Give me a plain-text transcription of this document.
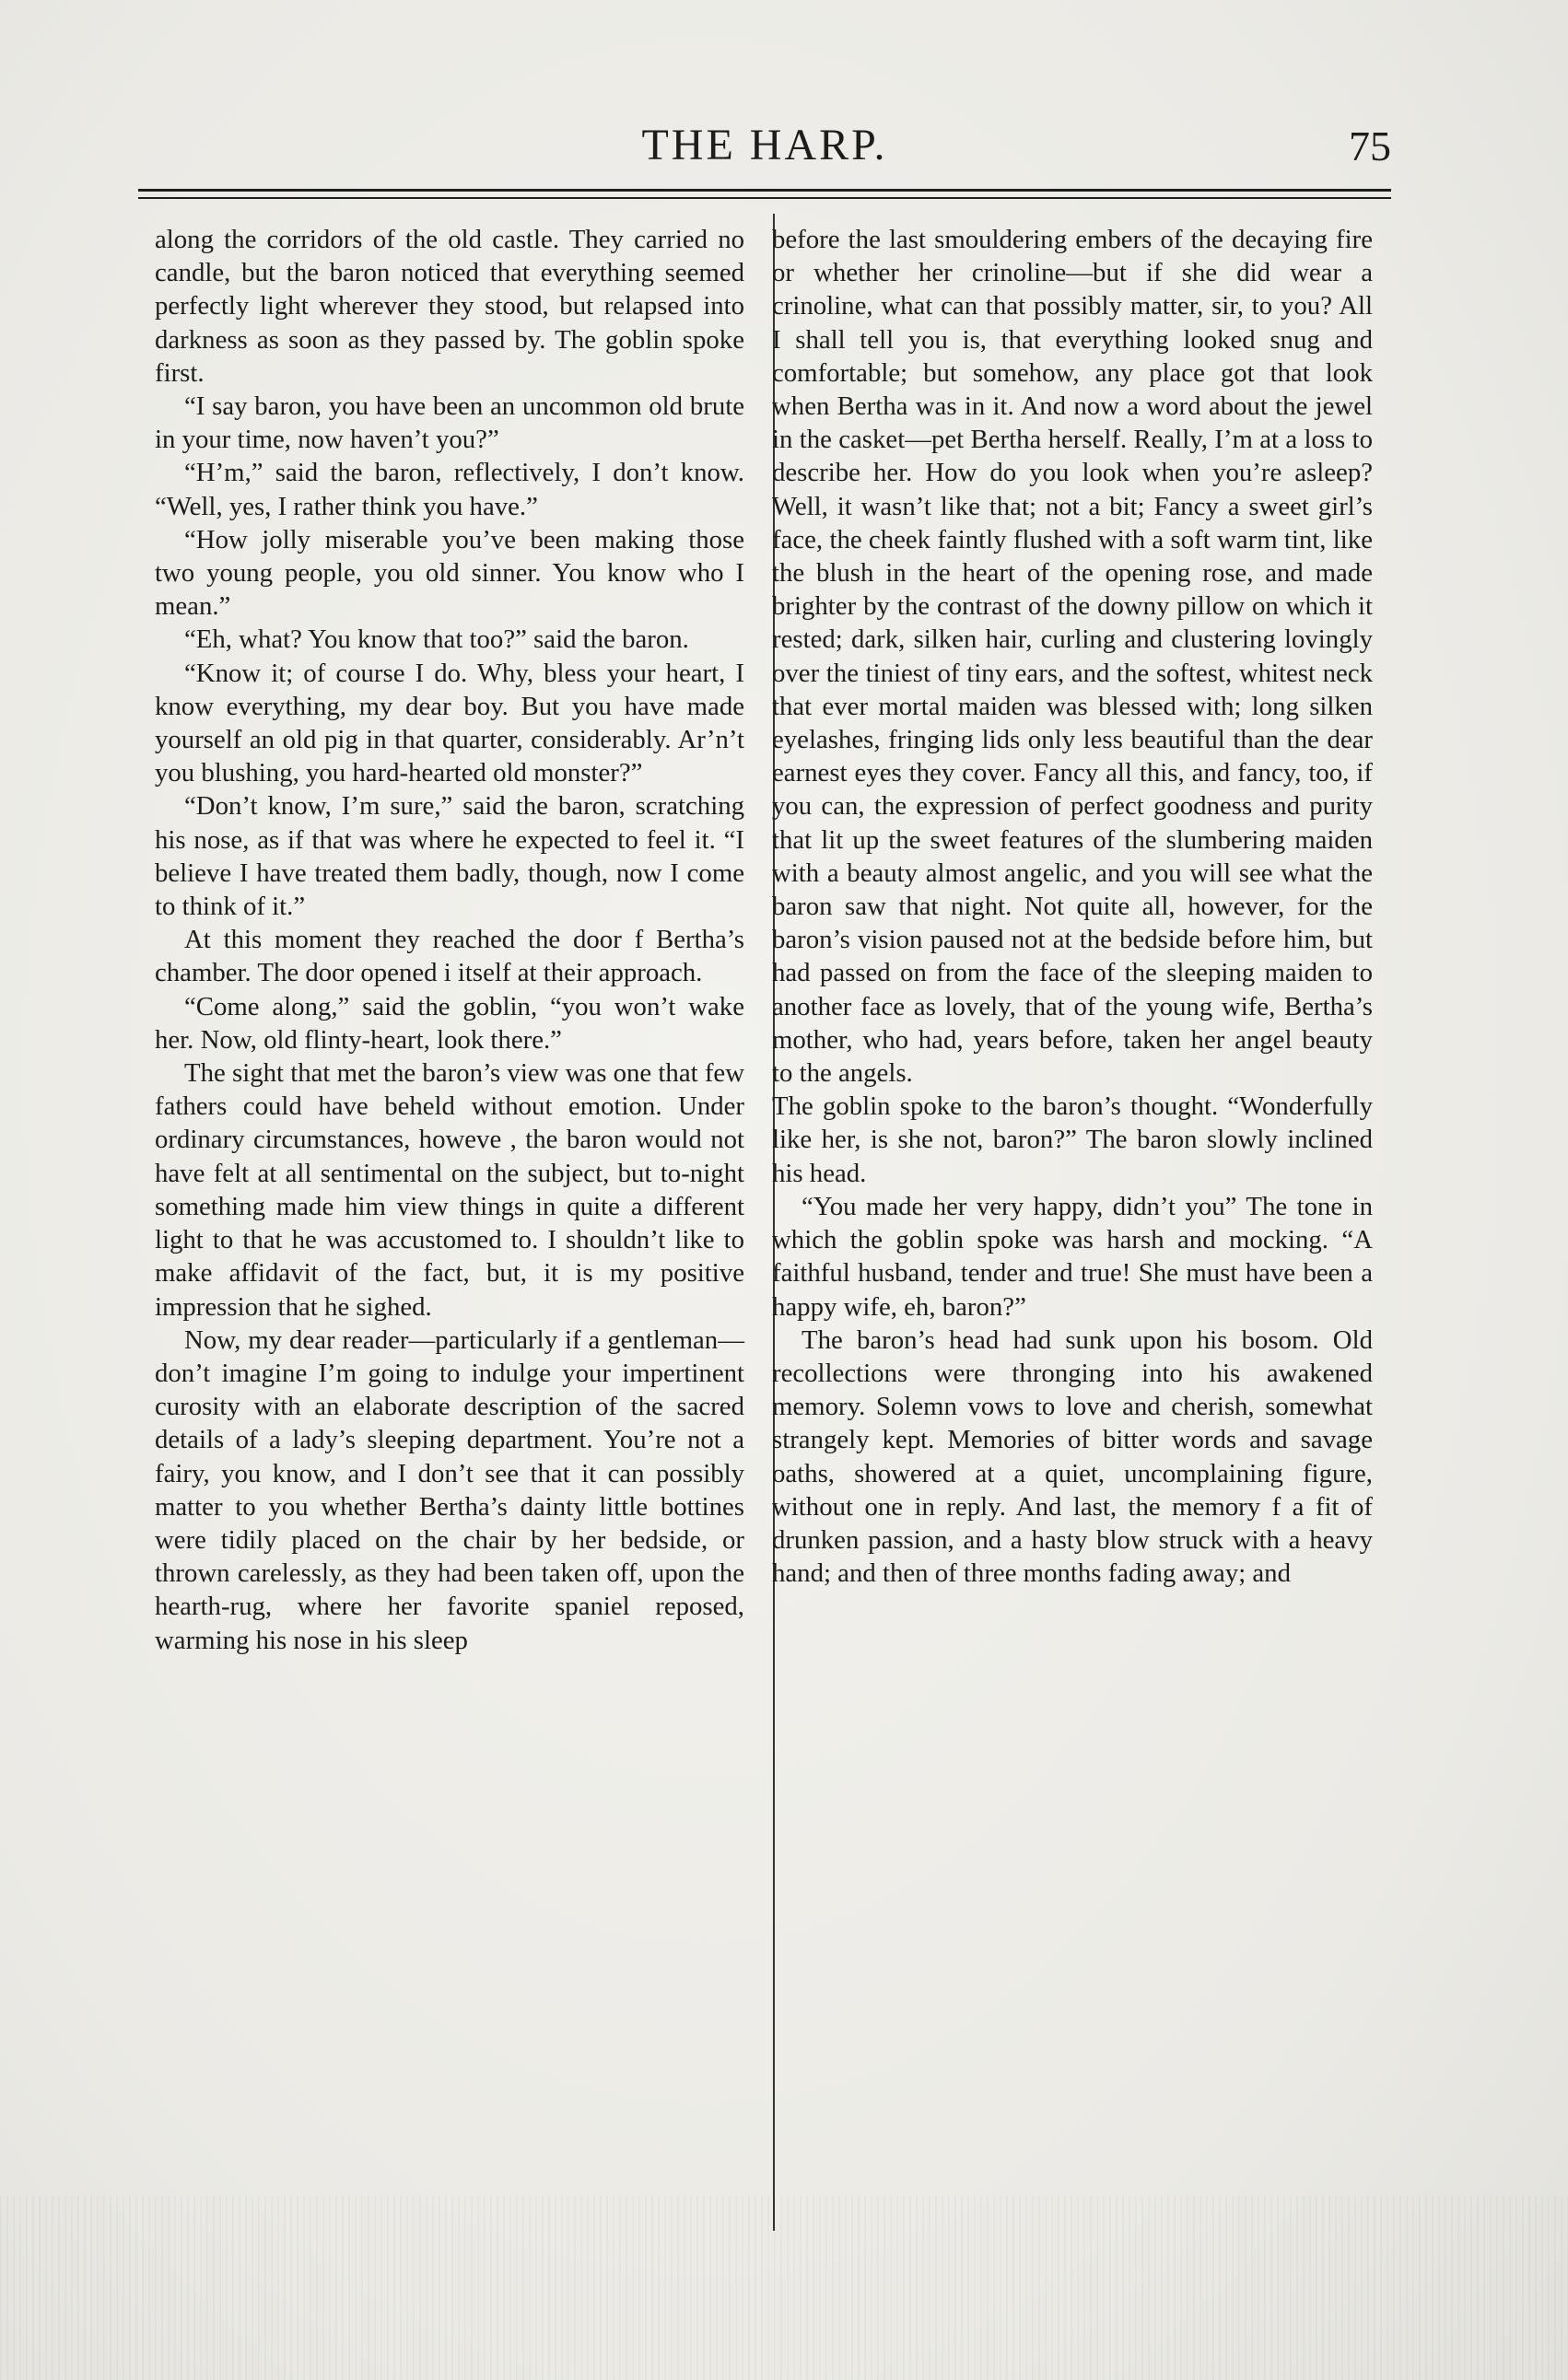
THE HARP.	75

along the corridors of the old castle. They carried no candle, but the baron noticed that everything seemed perfectly light wherever they stood, but relapsed into darkness as soon as they passed by. The goblin spoke first.

“I say baron, you have been an uncommon old brute in your time, now haven’t you?”

“H’m,” said the baron, reflectively, I don’t know. “Well, yes, I rather think you have.”

“How jolly miserable you’ve been making those two young people, you old sinner. You know who I mean.”

“Eh, what? You know that too?” said the baron.

“Know it; of course I do. Why, bless your heart, I know everything, my dear boy. But you have made yourself an old pig in that quarter, considerably. Ar’n’t you blushing, you hard-hearted old monster?”

“Don’t know, I’m sure,” said the baron, scratching his nose, as if that was where he expected to feel it. “I believe I have treated them badly, though, now I come to think of it.”

At this moment they reached the door f Bertha’s chamber. The door opened i itself at their approach.

“Come along,” said the goblin, “you won’t wake her. Now, old flinty-heart, look there.”

The sight that met the baron’s view was one that few fathers could have beheld without emotion. Under ordinary circumstances, howeve , the baron would not have felt at all sentimental on the subject, but to-night something made him view things in quite a different light to that he was accustomed to. I shouldn’t like to make affidavit of the fact, but, it is my positive impression that he sighed.

Now, my dear reader—particularly if a gentleman—don’t imagine I’m going to indulge your impertinent curosity with an elaborate description of the sacred details of a lady’s sleeping department. You’re not a fairy, you know, and I don’t see that it can possibly matter to you whether Bertha’s dainty little bottines were tidily placed on the chair by her bedside, or thrown carelessly, as they had been taken off, upon the hearth-rug, where her favorite spaniel reposed, warming his nose in his sleep

before the last smouldering embers of the decaying fire or whether her crinoline—but if she did wear a crinoline, what can that possibly matter, sir, to you? All I shall tell you is, that everything looked snug and comfortable; but somehow, any place got that look when Bertha was in it. And now a word about the jewel in the casket—pet Bertha herself. Really, I’m at a loss to describe her. How do you look when you’re asleep? Well, it wasn’t like that; not a bit; Fancy a sweet girl’s face, the cheek faintly flushed with a soft warm tint, like the blush in the heart of the opening rose, and made brighter by the contrast of the downy pillow on which it rested; dark, silken hair, curling and clustering lovingly over the tiniest of tiny ears, and the softest, whitest neck that ever mortal maiden was blessed with; long silken eyelashes, fringing lids only less beautiful than the dear earnest eyes they cover. Fancy all this, and fancy, too, if you can, the expression of perfect goodness and purity that lit up the sweet features of the slumbering maiden with a beauty almost angelic, and you will see what the baron saw that night. Not quite all, however, for the baron’s vision paused not at the bedside before him, but had passed on from the face of the sleeping maiden to another face as lovely, that of the young wife, Bertha’s mother, who had, years before, taken her angel beauty to the angels.

The goblin spoke to the baron’s thought. “Wonderfully like her, is she not, baron?” The baron slowly inclined his head.

“You made her very happy, didn’t you” The tone in which the goblin spoke was harsh and mocking. “A faithful husband, tender and true! She must have been a happy wife, eh, baron?”

The baron’s head had sunk upon his bosom. Old recollections were thronging into his awakened memory. Solemn vows to love and cherish, somewhat strangely kept. Memories of bitter words and savage oaths, showered at a quiet, uncomplaining figure, without one in reply. And last, the memory f a fit of drunken passion, and a hasty blow struck with a heavy hand; and then of three months fading away; and
